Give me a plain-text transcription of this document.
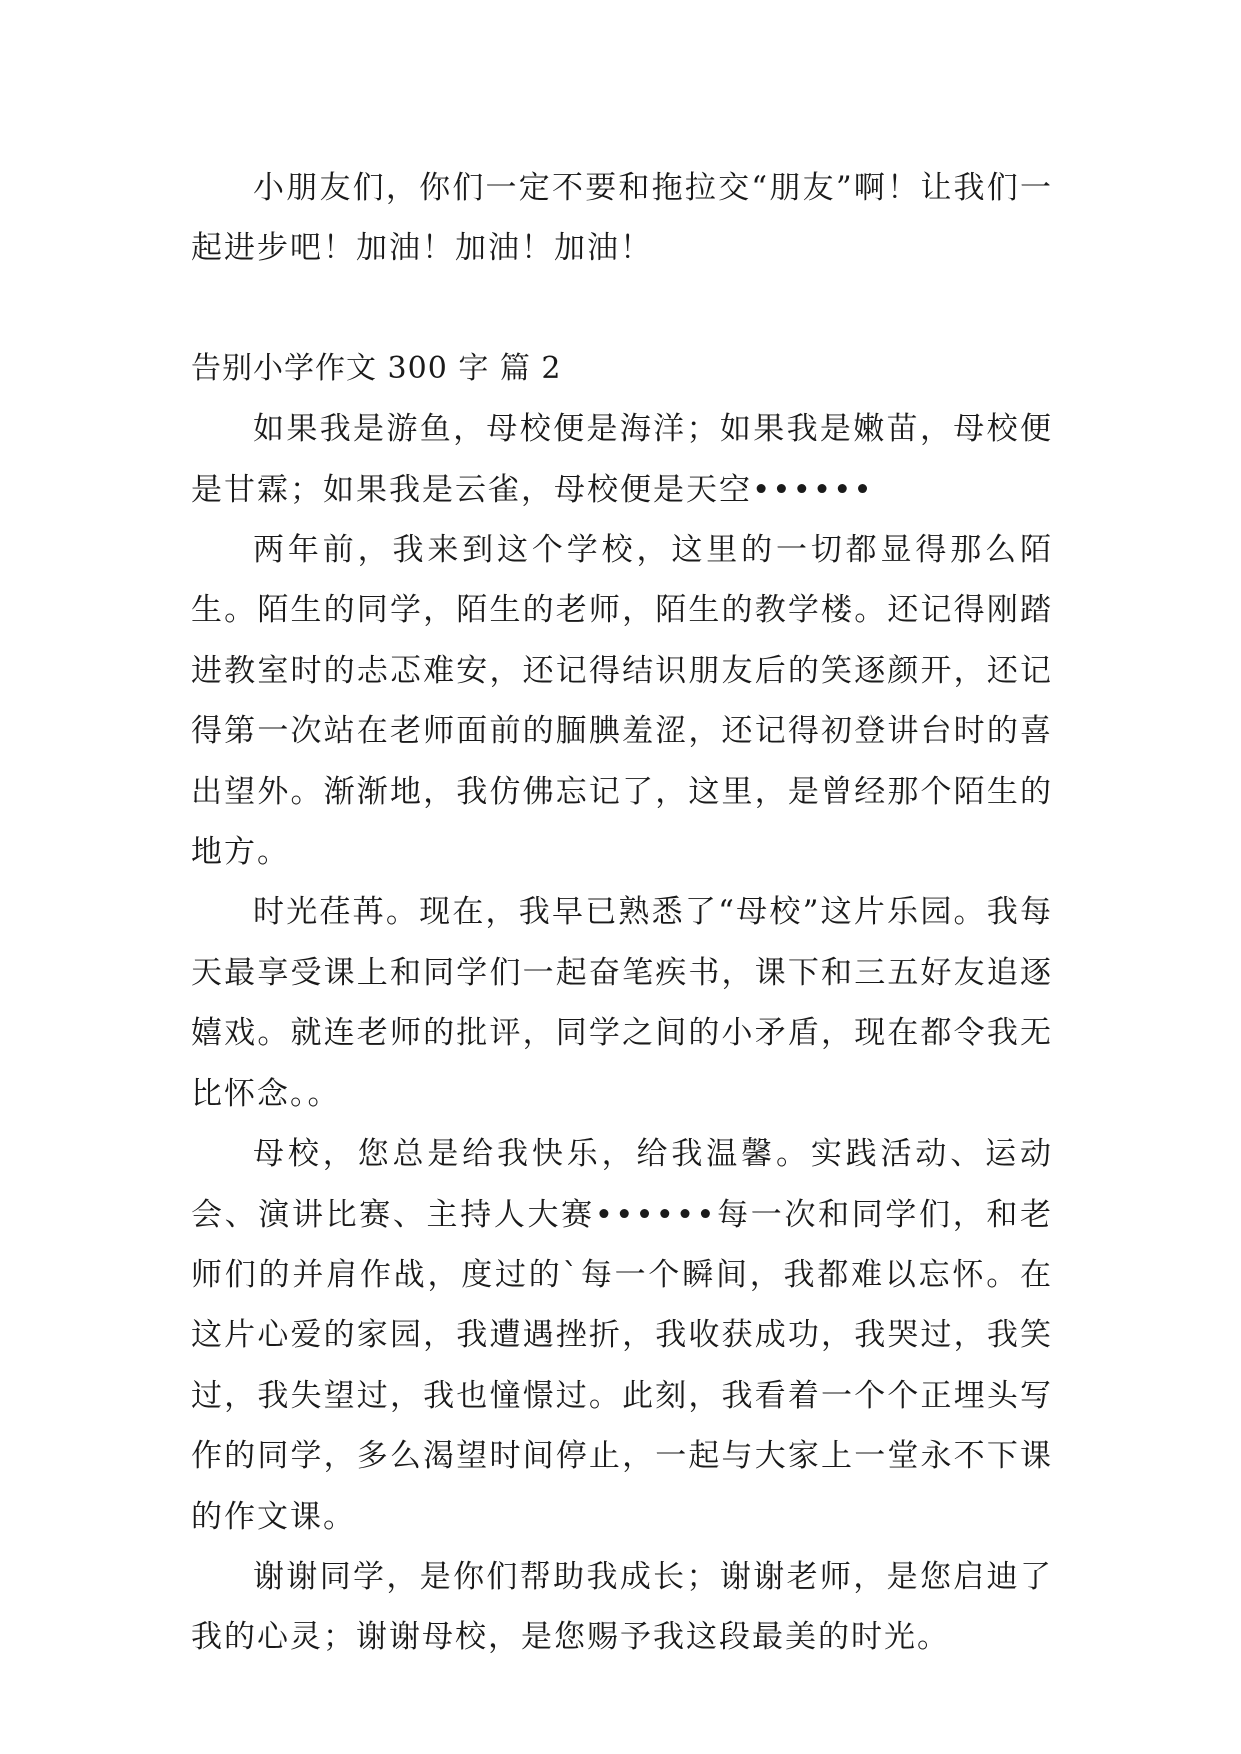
小朋友们，你们一定不要和拖拉交“朋友”啊！让我们一起进步吧！加油！加油！加油！

告别小学作文 300 字 篇 2

如果我是游鱼，母校便是海洋；如果我是嫩苗，母校便是甘霖；如果我是云雀，母校便是天空••••••

两年前，我来到这个学校，这里的一切都显得那么陌生。陌生的同学，陌生的老师，陌生的教学楼。还记得刚踏进教室时的忐忑难安，还记得结识朋友后的笑逐颜开，还记得第一次站在老师面前的腼腆羞涩，还记得初登讲台时的喜出望外。渐渐地，我仿佛忘记了，这里，是曾经那个陌生的地方。

时光荏苒。现在，我早已熟悉了“母校”这片乐园。我每天最享受课上和同学们一起奋笔疾书，课下和三五好友追逐嬉戏。就连老师的批评，同学之间的小矛盾，现在都令我无比怀念。。

母校，您总是给我快乐，给我温馨。实践活动、运动会、演讲比赛、主持人大赛••••••每一次和同学们，和老师们的并肩作战，度过的`每一个瞬间，我都难以忘怀。在这片心爱的家园，我遭遇挫折，我收获成功，我哭过，我笑过，我失望过，我也憧憬过。此刻，我看着一个个正埋头写作的同学，多么渴望时间停止，一起与大家上一堂永不下课的作文课。

谢谢同学，是你们帮助我成长；谢谢老师，是您启迪了我的心灵；谢谢母校，是您赐予我这段最美的时光。
